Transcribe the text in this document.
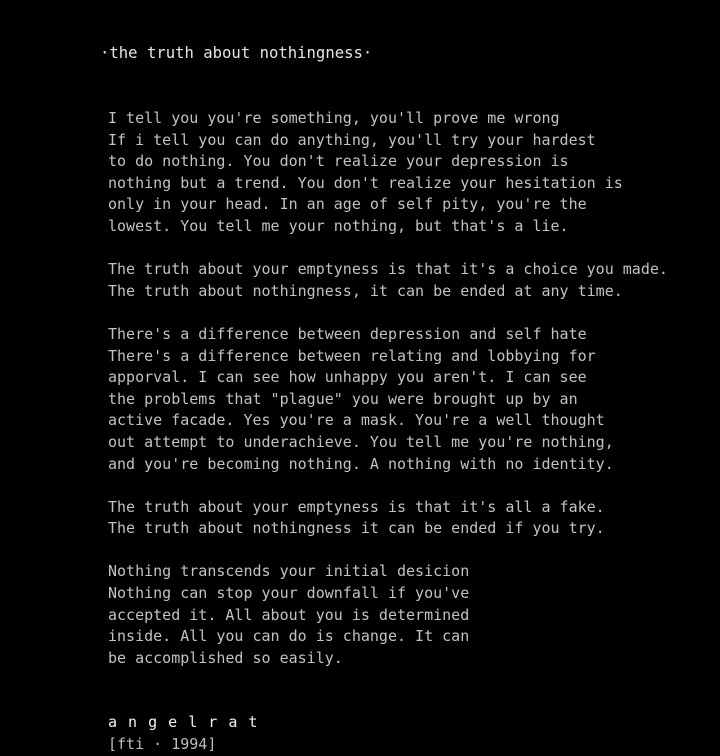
·the truth about nothingness·
I tell you you're something, you'll prove me wrong
If i tell you can do anything, you'll try your hardest
to do nothing. You don't realize your depression is
nothing but a trend. You don't realize your hesitation is
only in your head. In an age of self pity, you're the
lowest. You tell me your nothing, but that's a lie.
The truth about your emptyness is that it's a choice you made.
The truth about nothingness, it can be ended at any time.
There's a difference between depression and self hate
There's a difference between relating and lobbying for
apporval. I can see how unhappy you aren't. I can see
the problems that "plague" you were brought up by an
active facade. Yes you're a mask. You're a well thought
out attempt to underachieve. You tell me you're nothing,
and you're becoming nothing. A nothing with no identity.
The truth about your emptyness is that it's all a fake.
The truth about nothingness it can be ended if you try.
Nothing transcends your initial desicion
Nothing can stop your downfall if you've
accepted it. All about you is determined
inside. All you can do is change. It can
be accomplished so easily.
a n g e l r a t
[fti · 1994]
